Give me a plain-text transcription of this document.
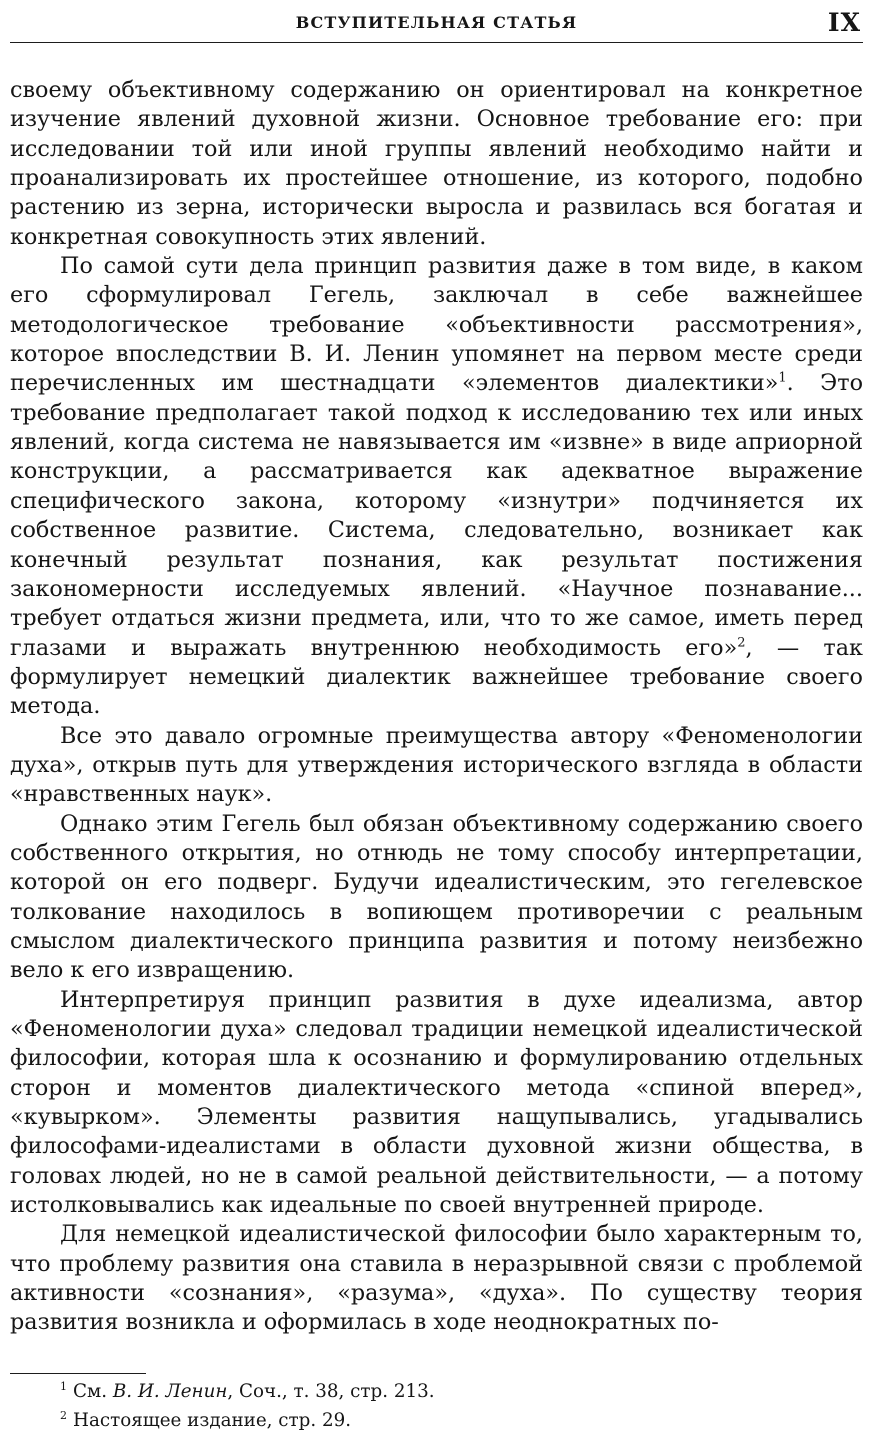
ВСТУПИТЕЛЬНАЯ СТАТЬЯ	IX

своему объективному содержанию он ориентировал на конкретное изучение явлений духовной жизни. Основное требование его: при исследовании той или иной группы явлений необходимо найти и проанализировать их простейшее отношение, из которого, подобно растению из зерна, исторически выросла и развилась вся богатая и конкретная совокупность этих явлений.

По самой сути дела принцип развития даже в том виде, в каком его сформулировал Гегель, заключал в себе важнейшее методологическое требование «объективности рассмотрения», которое впоследствии В. И. Ленин упомянет на первом месте среди перечисленных им шестнадцати «элементов диалектики»$^1$. Это требование предполагает такой подход к исследованию тех или иных явлений, когда система не навязывается им «извне» в виде априорной конструкции, а рассматривается как адекватное выражение специфического закона, которому «изнутри» подчиняется их собственное развитие. Система, следовательно, возникает как конечный результат познания, как результат постижения закономерности исследуемых явлений. «Научное познавание... требует отдаться жизни предмета, или, что то же самое, иметь перед глазами и выражать внутреннюю необходимость его»$^2$, — так формулирует немецкий диалектик важнейшее требование своего метода.

Все это давало огромные преимущества автору «Феноменологии духа», открыв путь для утверждения исторического взгляда в области «нравственных наук».

Однако этим Гегель был обязан объективному содержанию своего собственного открытия, но отнюдь не тому способу интерпретации, которой он его подверг. Будучи идеалистическим, это гегелевское толкование находилось в вопиющем противоречии с реальным смыслом диалектического принципа развития и потому неизбежно вело к его извращению.

Интерпретируя принцип развития в духе идеализма, автор «Феноменологии духа» следовал традиции немецкой идеалистической философии, которая шла к осознанию и формулированию отдельных сторон и моментов диалектического метода «спиной вперед», «кувырком». Элементы развития нащупывались, угадывались философами-идеалистами в области духовной жизни общества, в головах людей, но не в самой реальной действительности, — а потому истолковывались как идеальные по своей внутренней природе.

Для немецкой идеалистической философии было характерным то, что проблему развития она ставила в неразрывной связи с проблемой активности «сознания», «разума», «духа». По существу теория развития возникла и оформилась в ходе неоднократных по-

$^1$ См. В. И. Ленин, Соч., т. 38, стр. 213.

$^2$ Настоящее издание, стр. 29.
